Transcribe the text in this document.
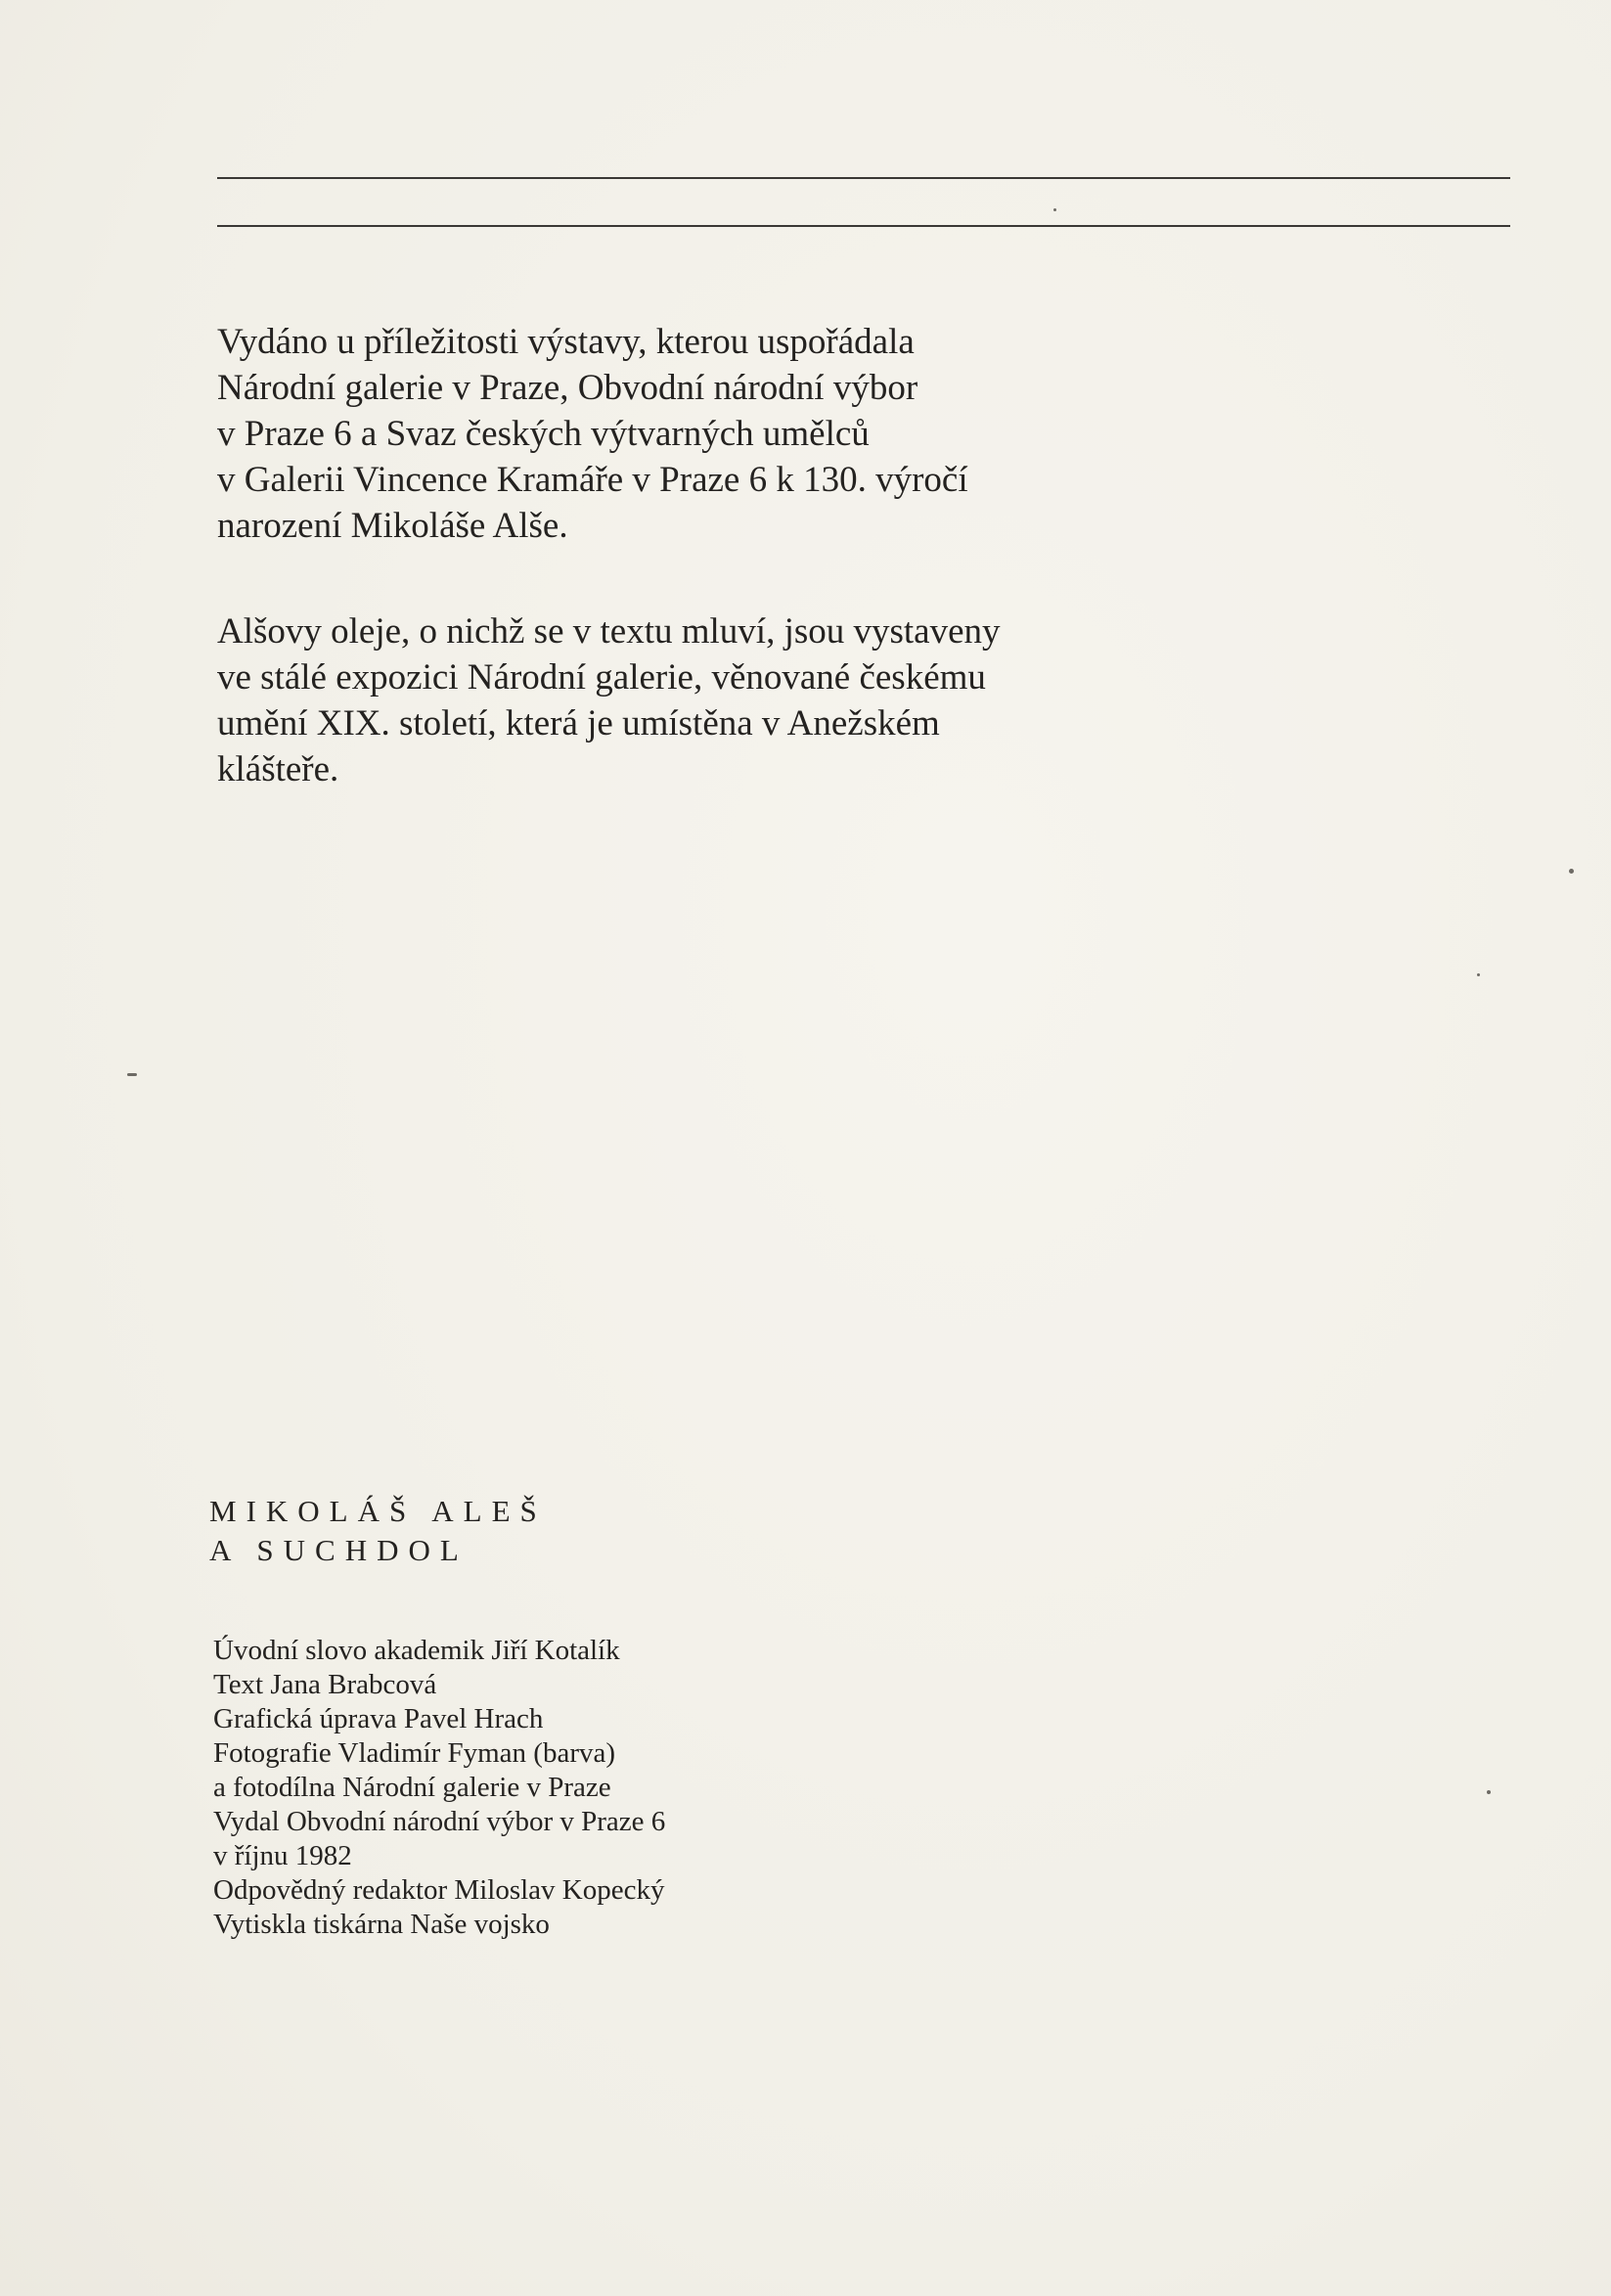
Vydáno u příležitosti výstavy, kterou uspořádala
Národní galerie v Praze, Obvodní národní výbor
v Praze 6 a Svaz českých výtvarných umělců
v Galerii Vincence Kramáře v Praze 6 k 130. výročí
narození Mikoláše Alše.

Alšovy oleje, o nichž se v textu mluví, jsou vystaveny
ve stálé expozici Národní galerie, věnované českému
umění XIX. století, která je umístěna v Anežském
klášteře.

MIKOLÁŠ ALEŠ
A SUCHDOL
Úvodní slovo akademik Jiří Kotalík
Text Jana Brabcová
Grafická úprava Pavel Hrach
Fotografie Vladimír Fyman (barva)
a fotodílna Národní galerie v Praze
Vydal Obvodní národní výbor v Praze 6
v říjnu 1982
Odpovědný redaktor Miloslav Kopecký
Vytiskla tiskárna Naše vojsko
